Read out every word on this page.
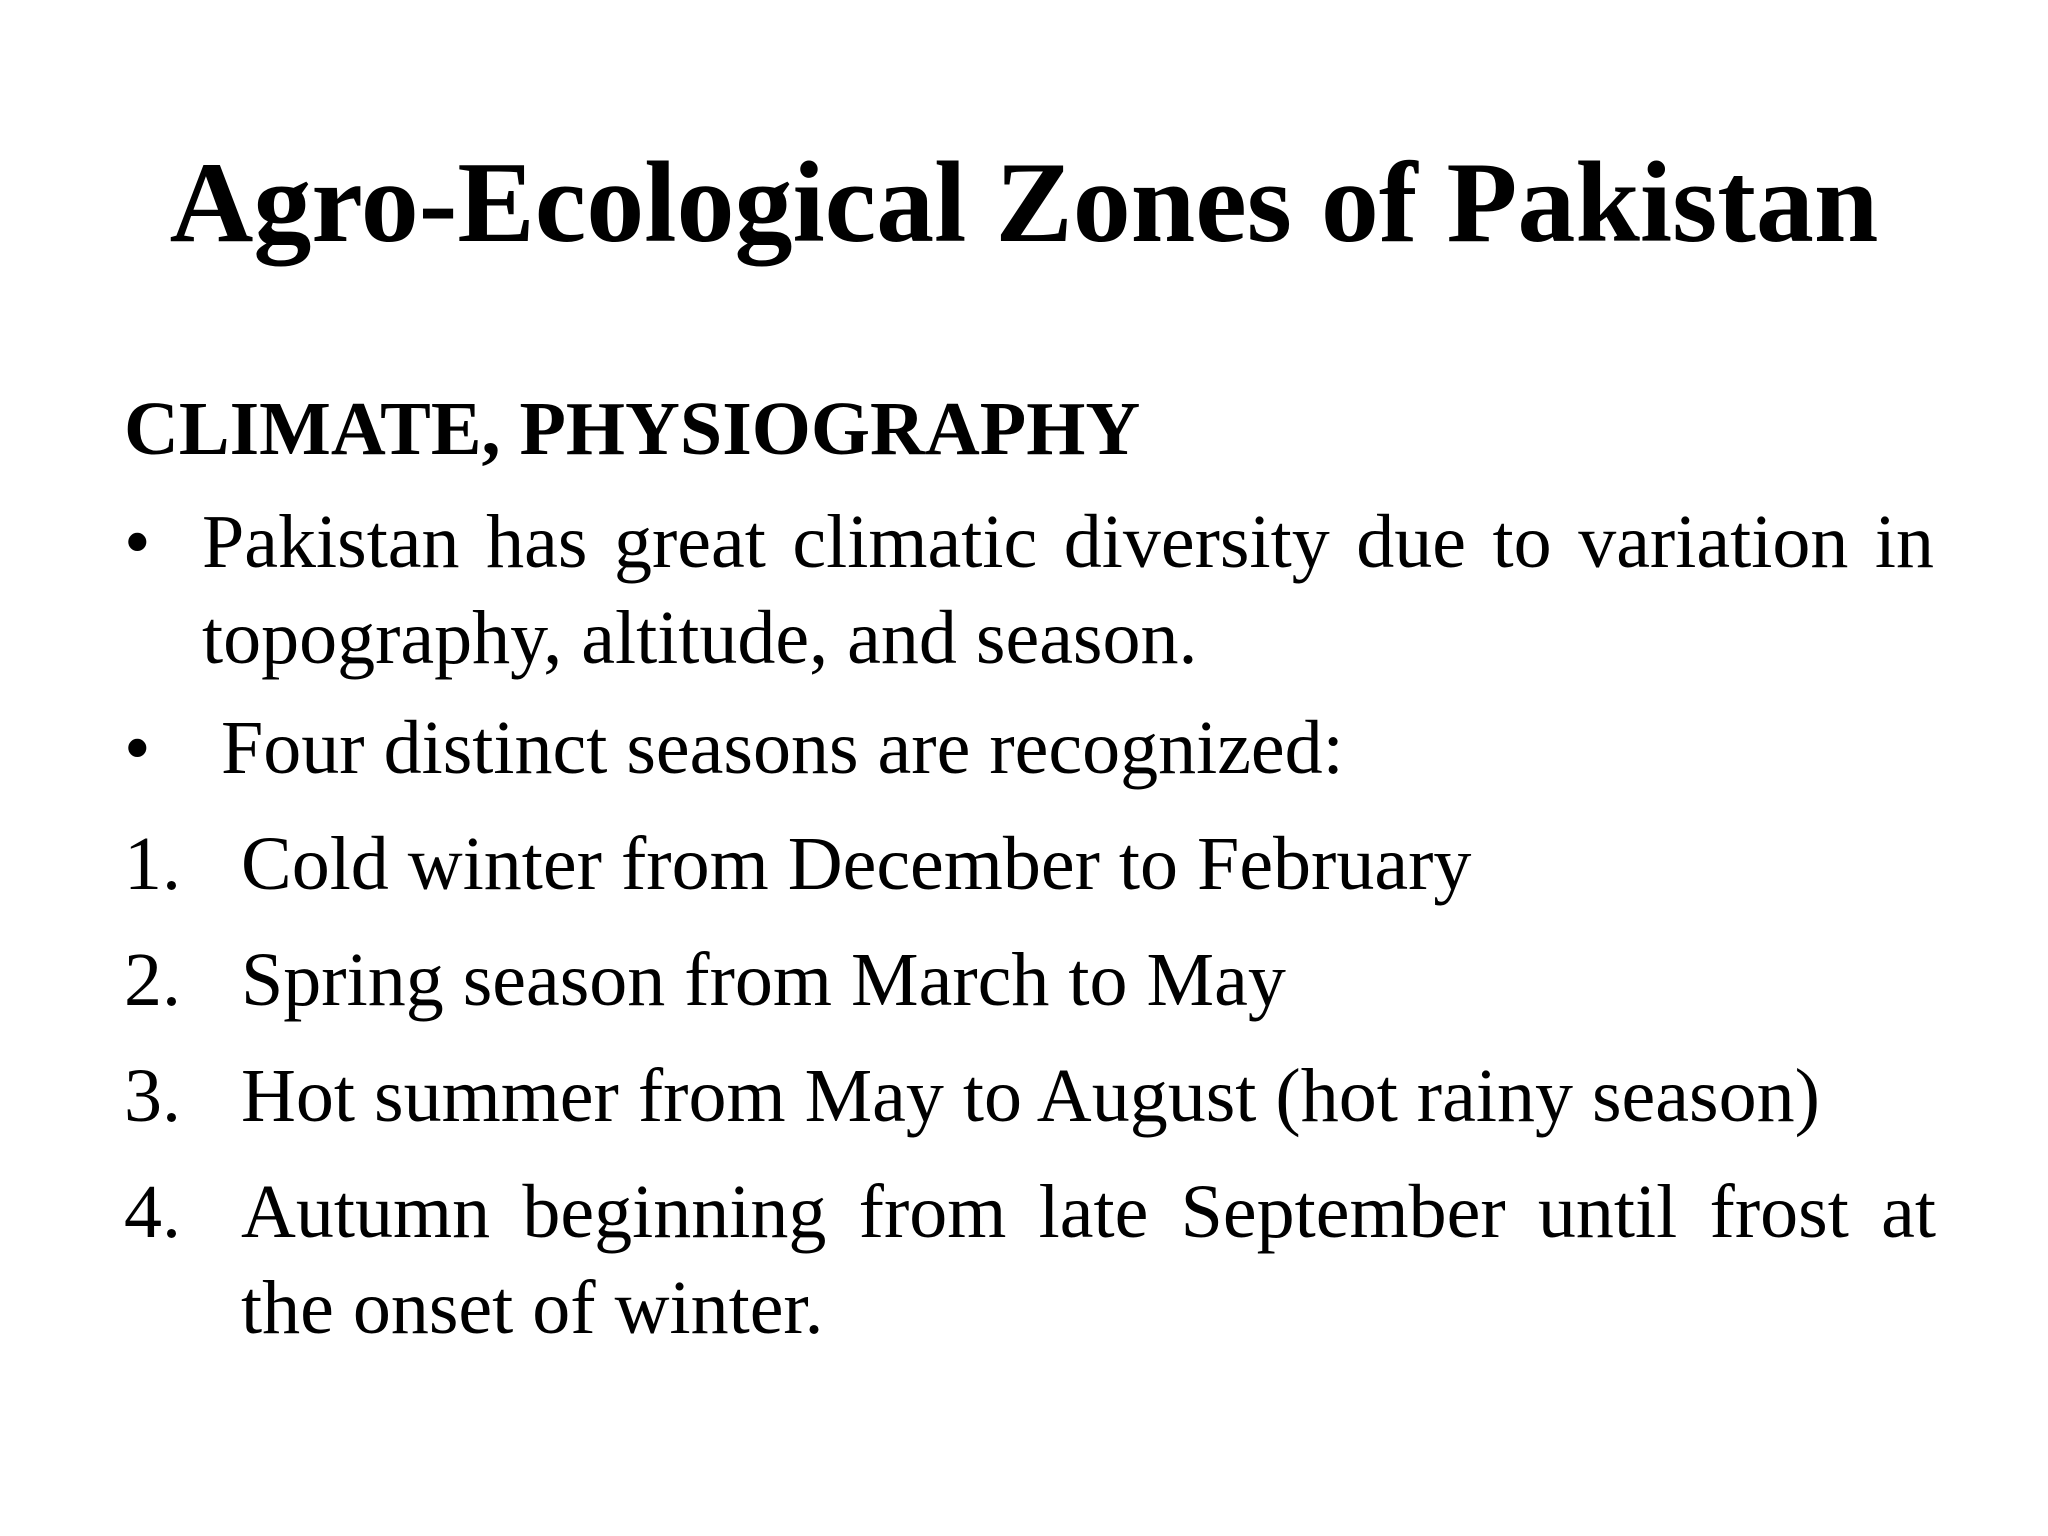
Agro-Ecological Zones of Pakistan
CLIMATE, PHYSIOGRAPHY
• Pakistan has great climatic diversity due to variation in topography, altitude, and season.
• Four distinct seasons are recognized:
1. Cold winter from December to February
2. Spring season from March to May
3. Hot summer from May to August (hot rainy season)
4. Autumn beginning from late September until frost at the onset of winter.
